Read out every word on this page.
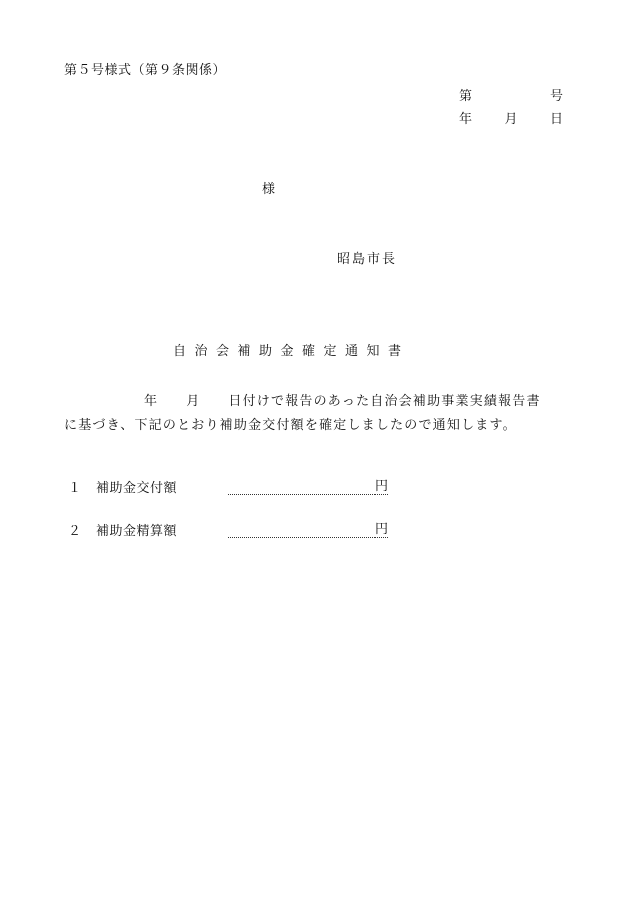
第５号様式（第９条関係）
第	号
年 月 日
様
昭島市長
自治会補助金確定通知書
年 月 日付けで報告のあった自治会補助事業実績報告書
に基づき、下記のとおり補助金交付額を確定しましたので通知します。
１ 補助金交付額	円
２ 補助金精算額	円
